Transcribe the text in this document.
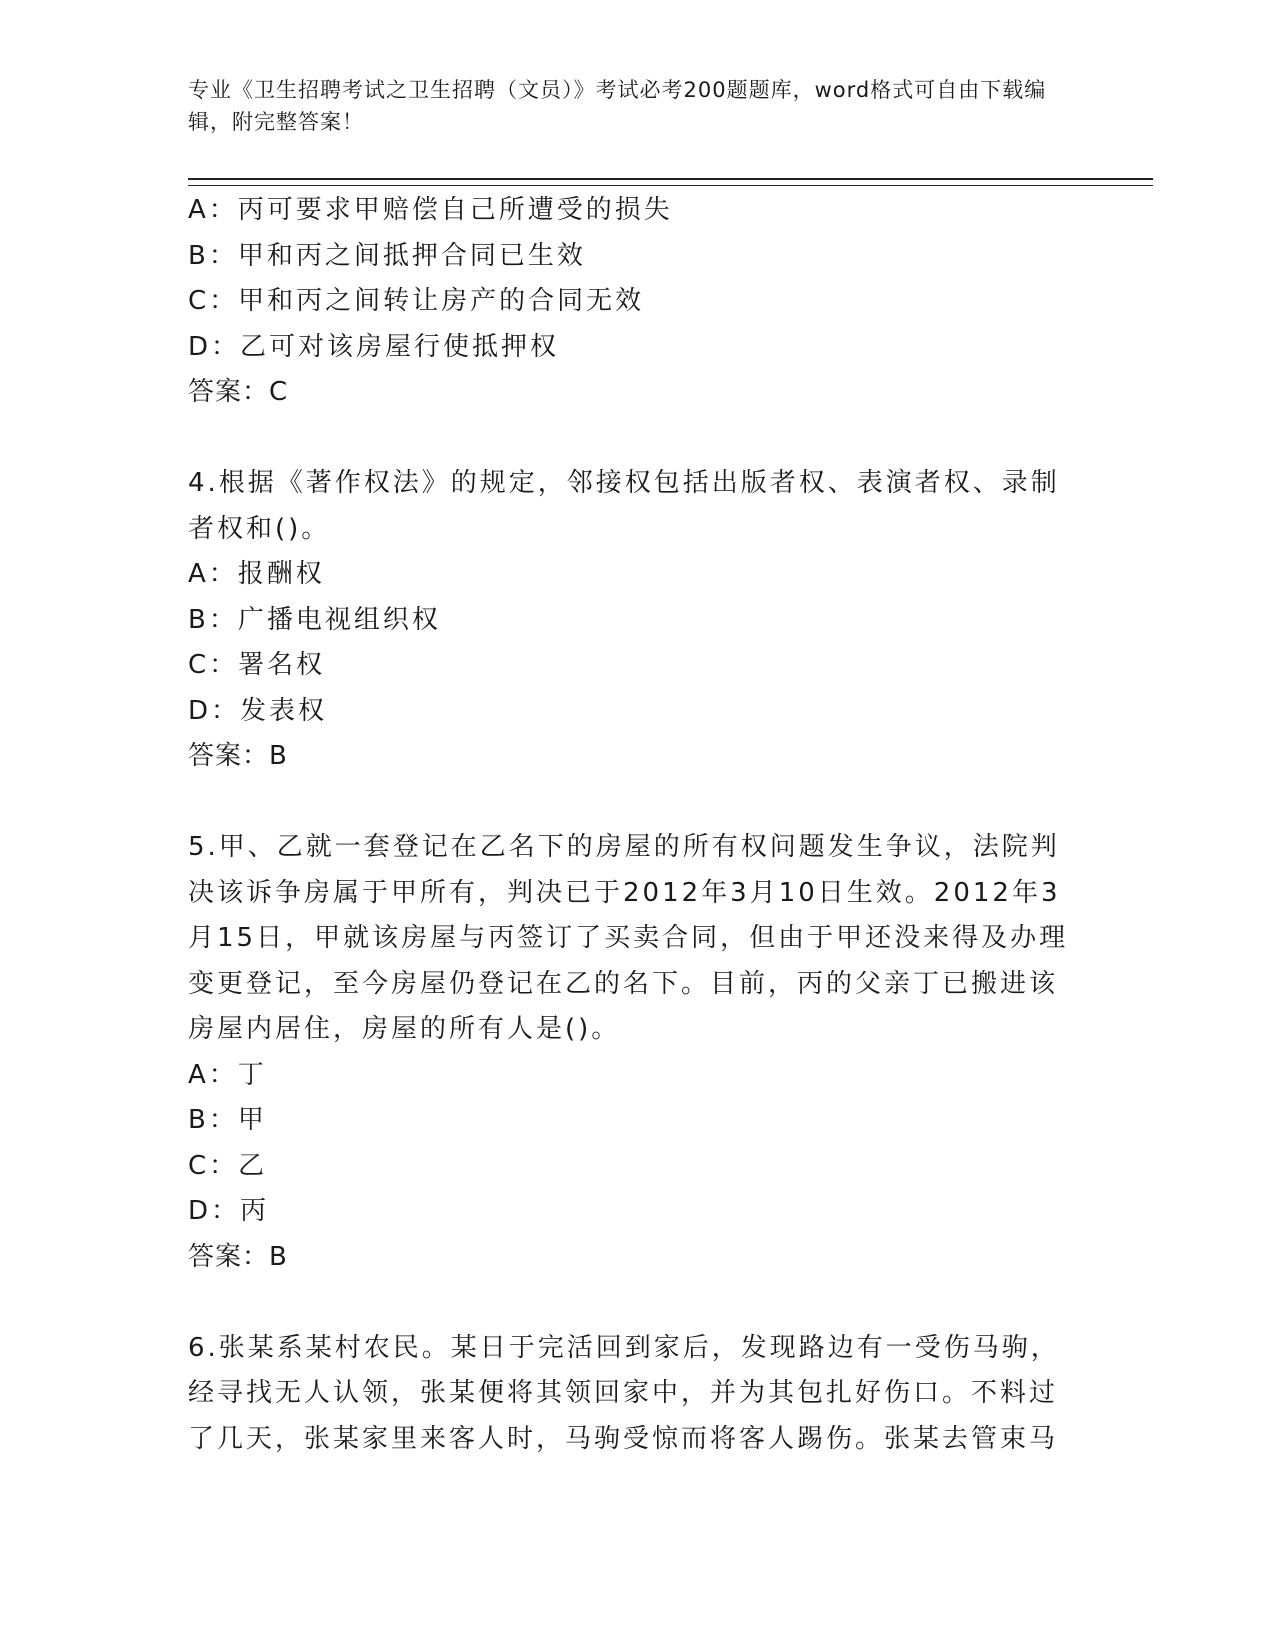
专业《卫生招聘考试之卫生招聘（文员）》考试必考200题题库，word格式可自由下载编辑，附完整答案！
A：丙可要求甲赔偿自己所遭受的损失
B：甲和丙之间抵押合同已生效
C：甲和丙之间转让房产的合同无效
D：乙可对该房屋行使抵押权
答案：C
4.根据《著作权法》的规定，邻接权包括出版者权、表演者权、录制
者权和()。
A：报酬权
B：广播电视组织权
C：署名权
D：发表权
答案：B
5.甲、乙就一套登记在乙名下的房屋的所有权问题发生争议，法院判
决该诉争房属于甲所有，判决已于2012年3月10日生效。2012年3
月15日，甲就该房屋与丙签订了买卖合同，但由于甲还没来得及办理
变更登记，至今房屋仍登记在乙的名下。目前，丙的父亲丁已搬进该
房屋内居住，房屋的所有人是()。
A：丁
B：甲
C：乙
D：丙
答案：B
6.张某系某村农民。某日于完活回到家后，发现路边有一受伤马驹，
经寻找无人认领，张某便将其领回家中，并为其包扎好伤口。不料过
了几天，张某家里来客人时，马驹受惊而将客人踢伤。张某去管束马
